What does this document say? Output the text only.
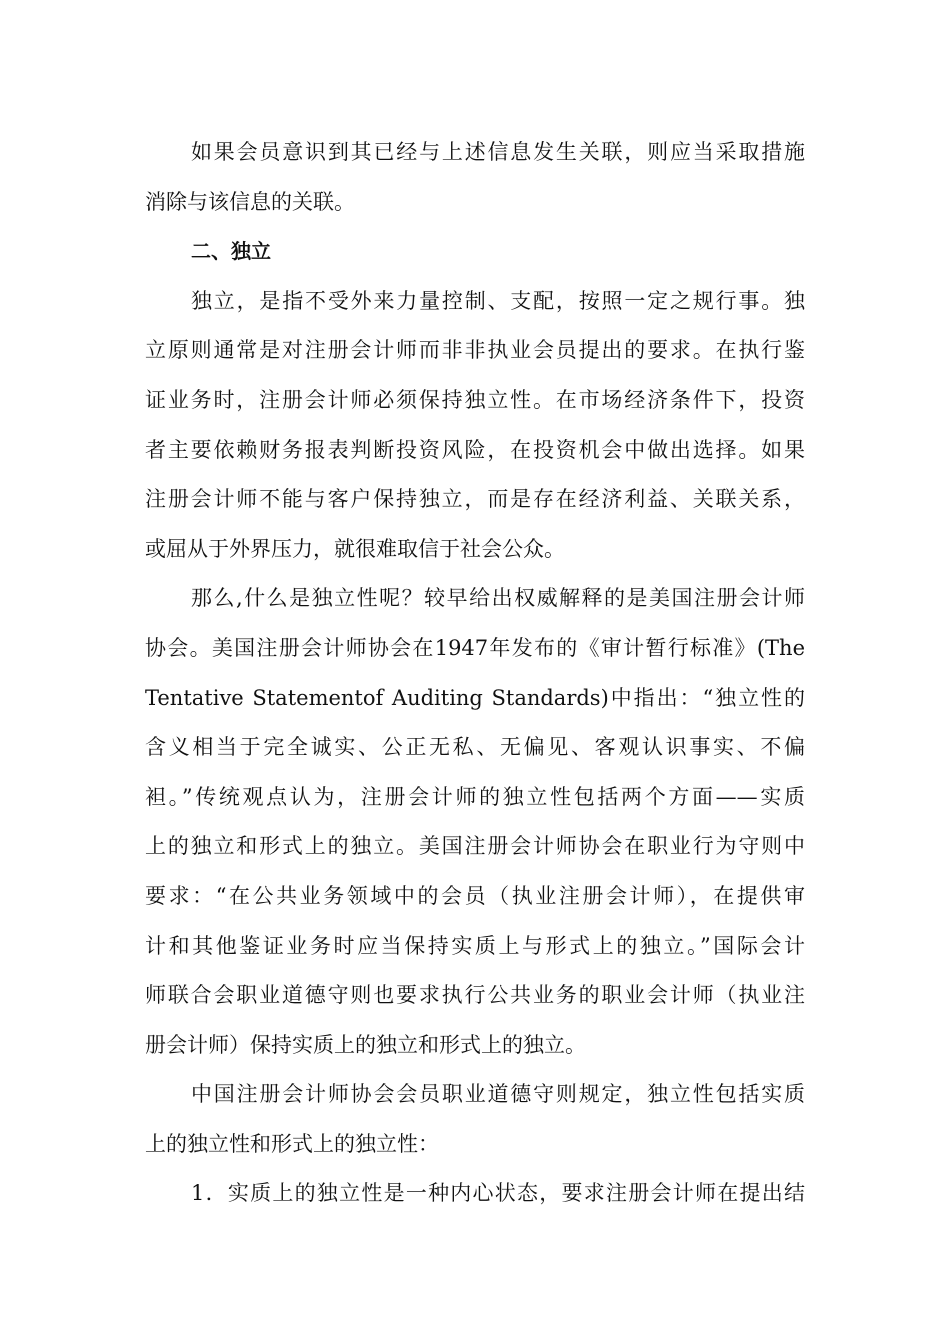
如果会员意识到其已经与上述信息发生关联，则应当采取措施
消除与该信息的关联。
二、独立
独立，是指不受外来力量控制、支配，按照一定之规行事。独
立原则通常是对注册会计师而非非执业会员提出的要求。在执行鉴
证业务时，注册会计师必须保持独立性。在市场经济条件下，投资
者主要依赖财务报表判断投资风险，在投资机会中做出选择。如果
注册会计师不能与客户保持独立，而是存在经济利益、关联关系，
或屈从于外界压力，就很难取信于社会公众。
那么,什么是独立性呢？较早给出权威解释的是美国注册会计师
协会。美国注册会计师协会在1947年发布的《审计暂行标准》(The
Tentative Statementof Auditing Standards)中指出：“独立性的
含义相当于完全诚实、公正无私、无偏见、客观认识事实、不偏
袒。”传统观点认为，注册会计师的独立性包括两个方面——实质
上的独立和形式上的独立。美国注册会计师协会在职业行为守则中
要求：“在公共业务领域中的会员（执业注册会计师），在提供审
计和其他鉴证业务时应当保持实质上与形式上的独立。”国际会计
师联合会职业道德守则也要求执行公共业务的职业会计师（执业注
册会计师）保持实质上的独立和形式上的独立。
中国注册会计师协会会员职业道德守则规定，独立性包括实质
上的独立性和形式上的独立性：
1．实质上的独立性是一种内心状态，要求注册会计师在提出结
